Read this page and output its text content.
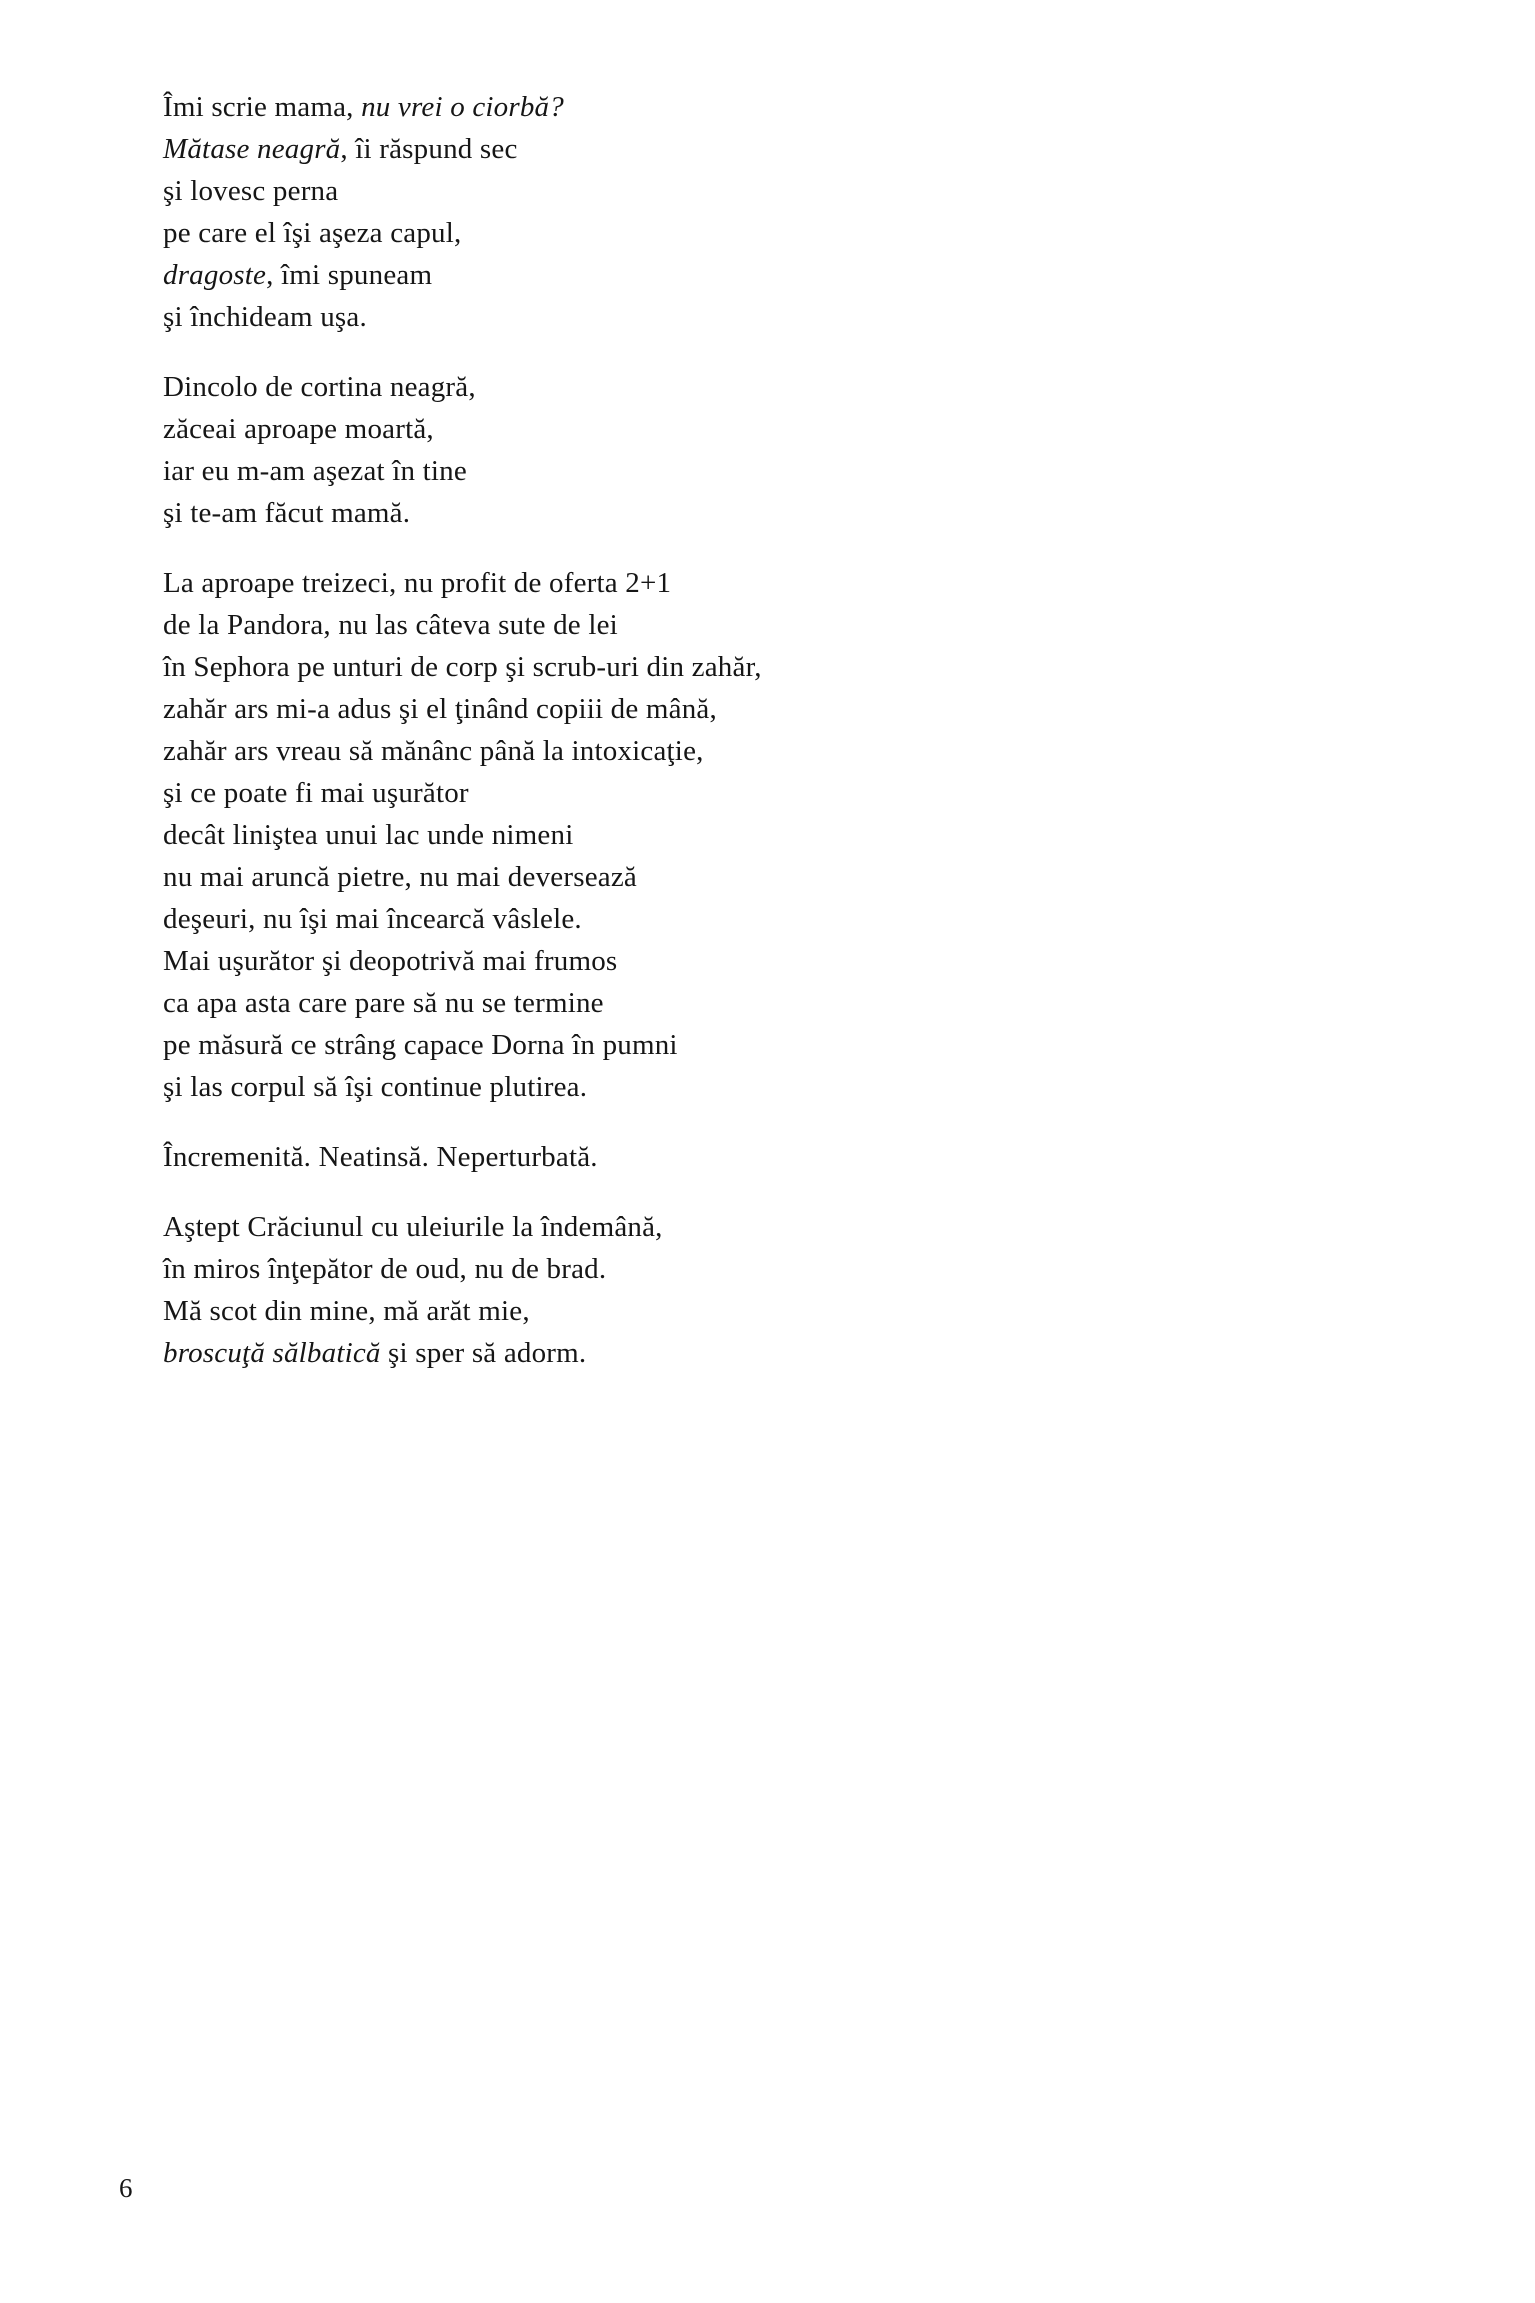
Îmi scrie mama, nu vrei o ciorbă?
Mătase neagră, îi răspund sec
şi lovesc perna
pe care el îşi aşeza capul,
dragoste, îmi spuneam
şi închideam uşa.
Dincolo de cortina neagră,
zăceai aproape moartă,
iar eu m-am aşezat în tine
şi te-am făcut mamă.
La aproape treizeci, nu profit de oferta 2+1
de la Pandora, nu las câteva sute de lei
în Sephora pe unturi de corp şi scrub-uri din zahăr,
zahăr ars mi-a adus şi el ţinând copiii de mână,
zahăr ars vreau să mănânc până la intoxicaţie,
şi ce poate fi mai uşurător
decât liniştea unui lac unde nimeni
nu mai aruncă pietre, nu mai deversează
deşeuri, nu îşi mai încearcă vâslele.
Mai uşurător şi deopotrivă mai frumos
ca apa asta care pare să nu se termine
pe măsură ce strâng capace Dorna în pumni
şi las corpul să îşi continue plutirea.
Încremenită. Neatinsă. Neperturbată.
Aştept Crăciunul cu uleiurile la îndemână,
în miros înţepător de oud, nu de brad.
Mă scot din mine, mă arăt mie,
broscuţă sălbatică şi sper să adorm.
6
